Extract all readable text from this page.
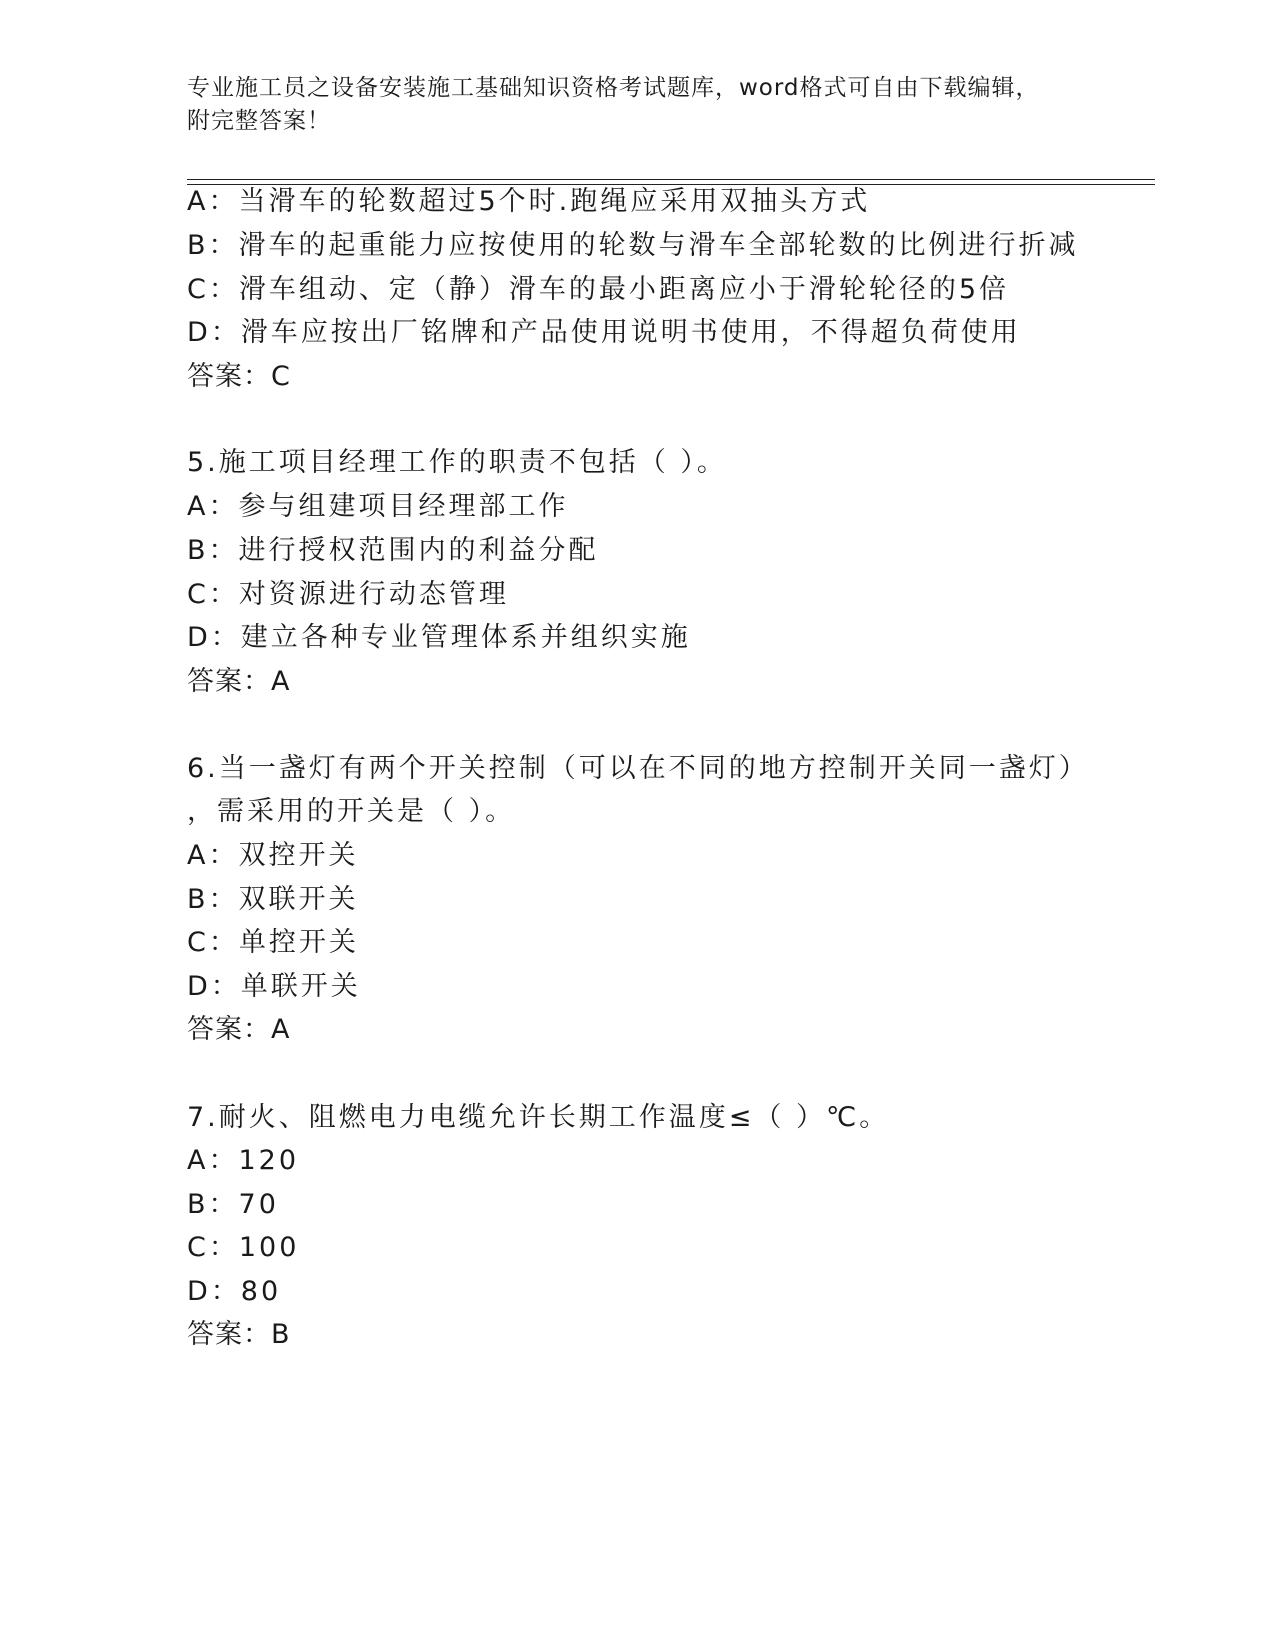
专业施工员之设备安装施工基础知识资格考试题库，word格式可自由下载编辑，
附完整答案！
A：当滑车的轮数超过5个时.跑绳应采用双抽头方式
B：滑车的起重能力应按使用的轮数与滑车全部轮数的比例进行折减
C：滑车组动、定（静）滑车的最小距离应小于滑轮轮径的5倍
D：滑车应按出厂铭牌和产品使用说明书使用，不得超负荷使用
答案：C
5.施工项目经理工作的职责不包括（ ）。
A：参与组建项目经理部工作
B：进行授权范围内的利益分配
C：对资源进行动态管理
D：建立各种专业管理体系并组织实施
答案：A
6.当一盏灯有两个开关控制（可以在不同的地方控制开关同一盏灯）
，需采用的开关是（ ）。
A：双控开关
B：双联开关
C：单控开关
D：单联开关
答案：A
7.耐火、阻燃电力电缆允许长期工作温度≤（ ）℃。
A：120
B：70
C：100
D：80
答案：B
